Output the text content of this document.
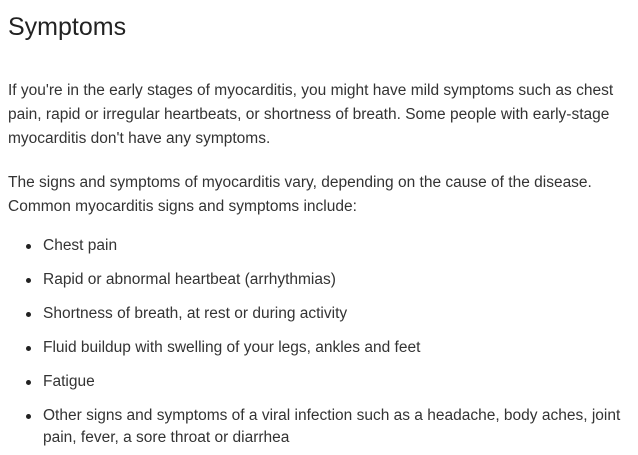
Symptoms

If you're in the early stages of myocarditis, you might have mild symptoms such as chest pain, rapid or irregular heartbeats, or shortness of breath. Some people with early-stage myocarditis don't have any symptoms.

The signs and symptoms of myocarditis vary, depending on the cause of the disease. Common myocarditis signs and symptoms include:

Chest pain
Rapid or abnormal heartbeat (arrhythmias)
Shortness of breath, at rest or during activity
Fluid buildup with swelling of your legs, ankles and feet
Fatigue
Other signs and symptoms of a viral infection such as a headache, body aches, joint pain, fever, a sore throat or diarrhea
